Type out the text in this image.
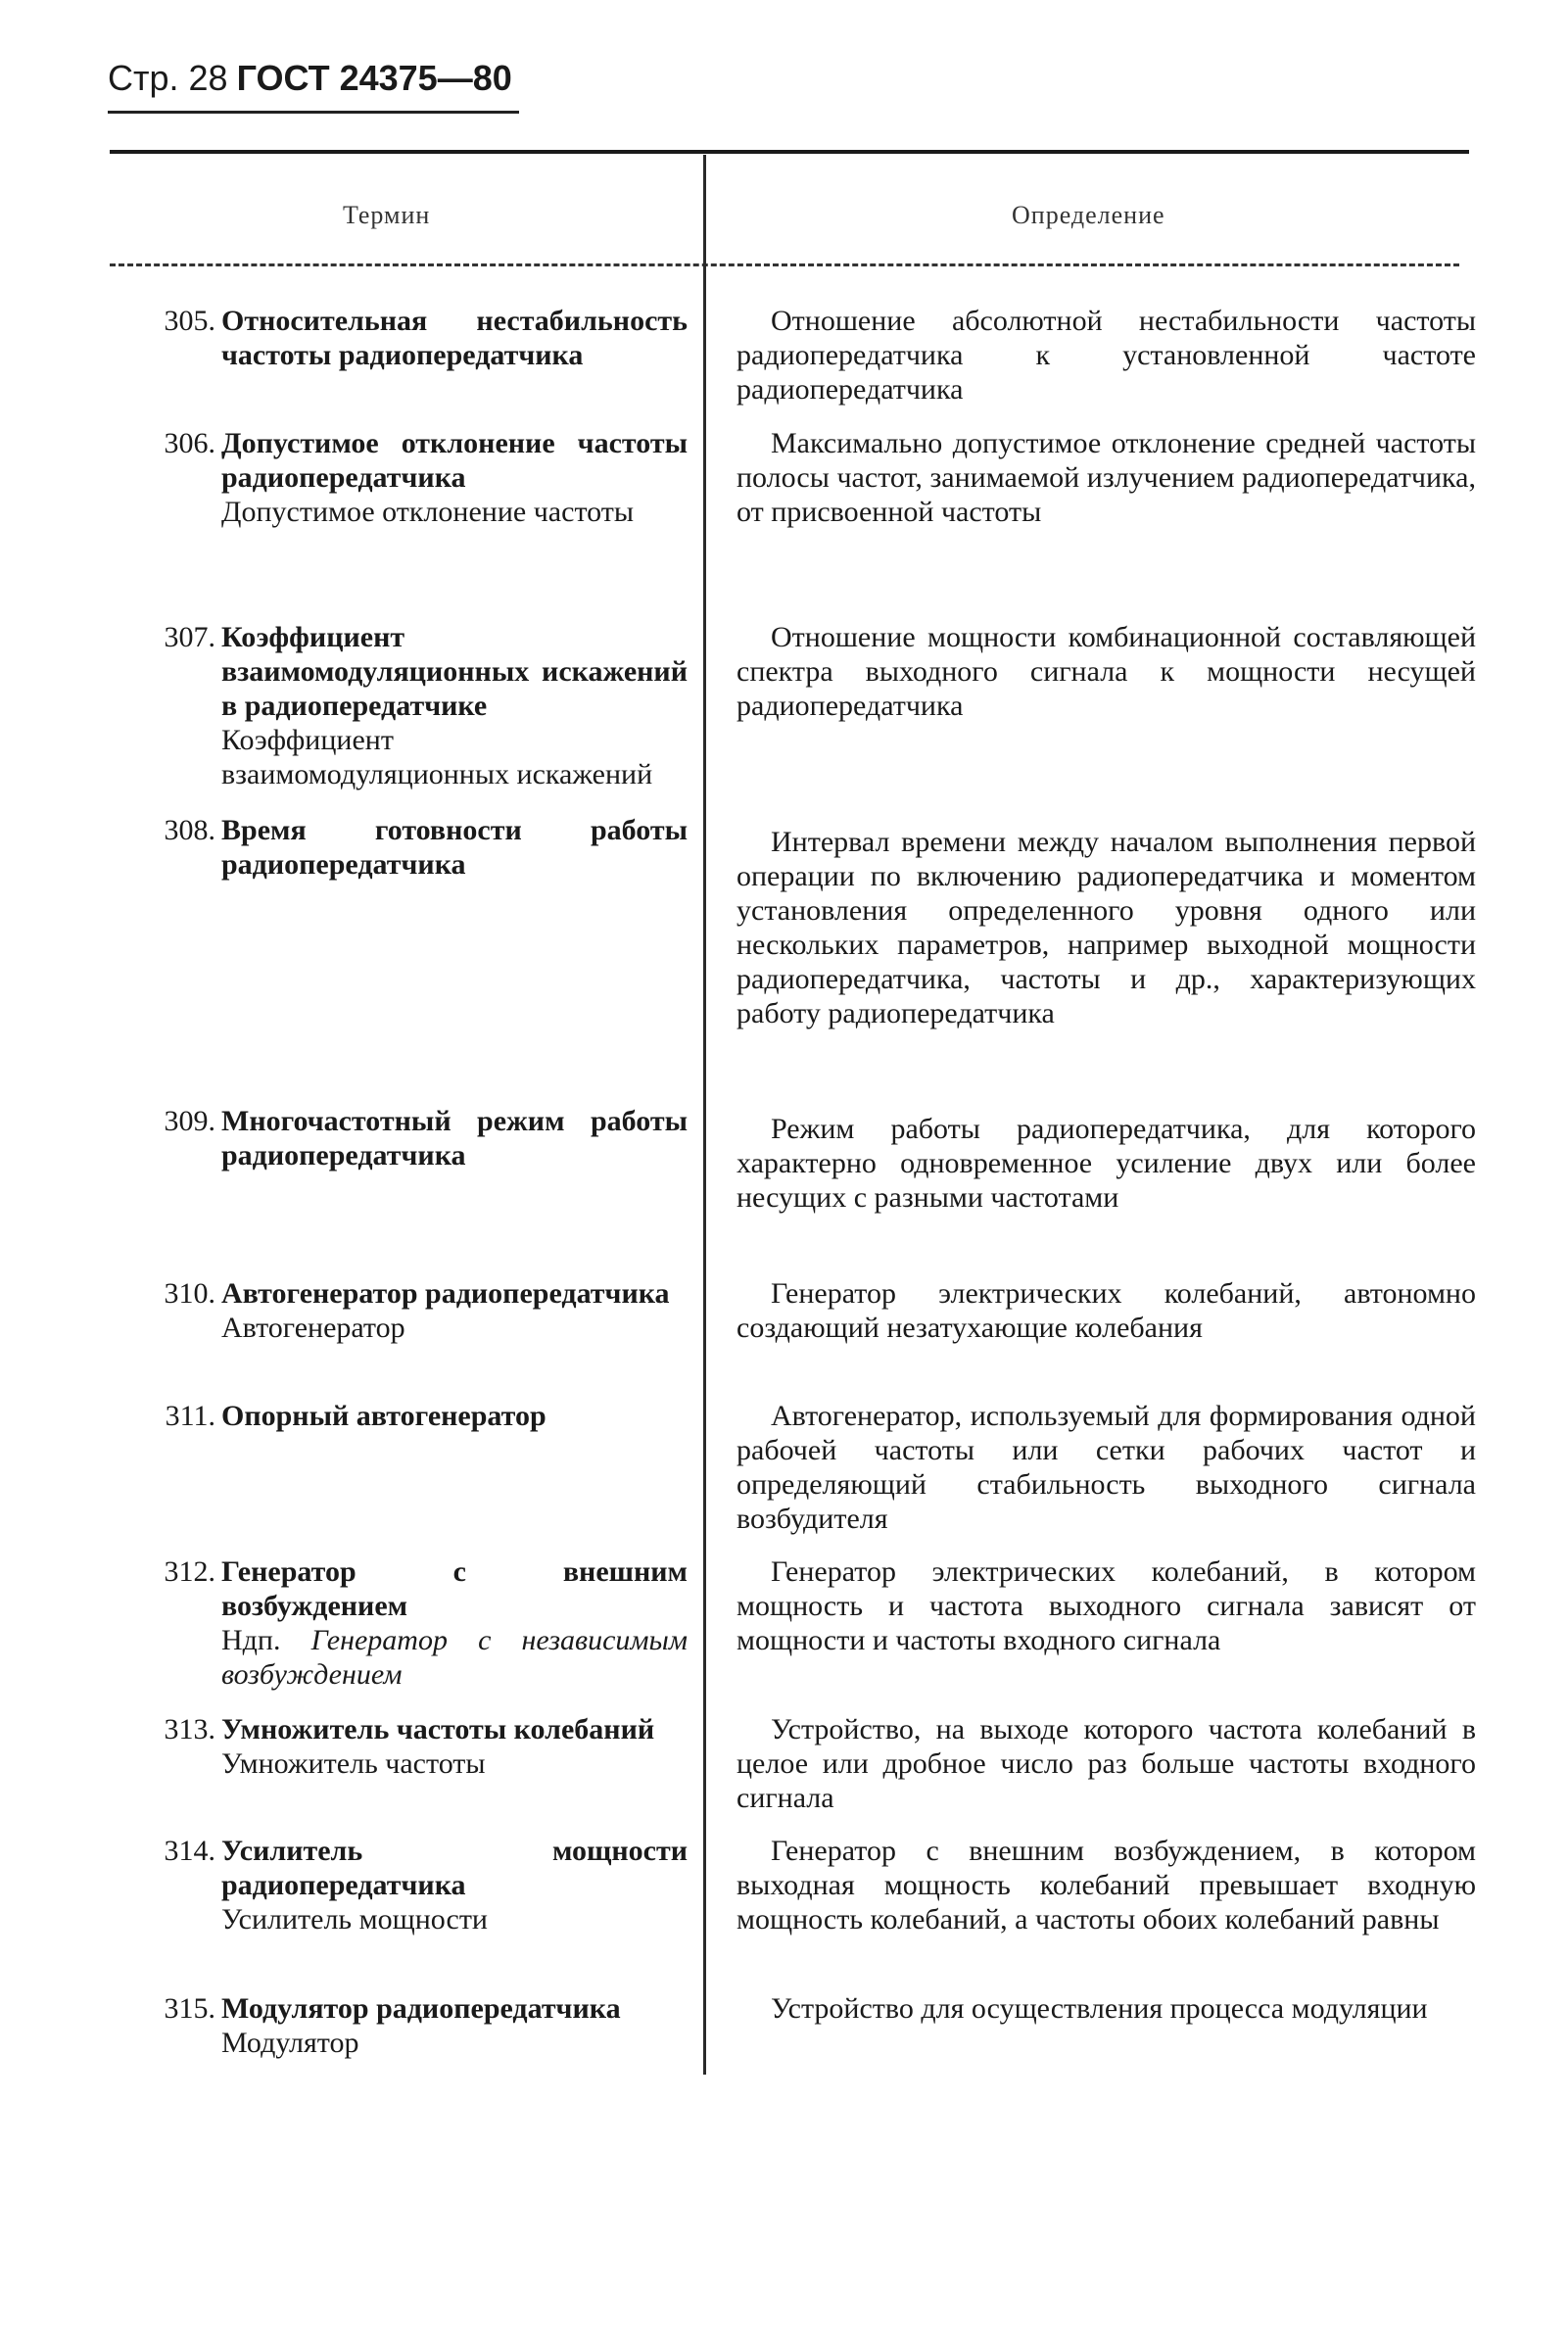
Стр. 28 ГОСТ 24375—80
Термин	Определение
305. Относительная нестабильность частоты радиопередатчика
Отношение абсолютной нестабильности частоты радиопередатчика к установленной частоте радиопередатчика
306. Допустимое отклонение частоты радиопередатчика
Допустимое отклонение частоты
Максимально допустимое отклонение средней частоты полосы частот, занимаемой излучением радиопередатчика, от присвоенной частоты
307. Коэффициент взаимомодуляционных искажений в радиопередатчике
Коэффициент взаимомодуляционных искажений
Отношение мощности комбинационной составляющей спектра выходного сигнала к мощности несущей радиопередатчика
308. Время готовности работы радиопередатчика
Интервал времени между началом выполнения первой операции по включению радиопередатчика и моментом установления определенного уровня одного или нескольких параметров, например выходной мощности радиопередатчика, частоты и др., характеризующих работу радиопередатчика
309. Многочастотный режим работы радиопередатчика
Режим работы радиопередатчика, для которого характерно одновременное усиление двух или более несущих с разными частотами
310. Автогенератор радиопередатчика
Автогенератор
Генератор электрических колебаний, автономно создающий незатухающие колебания
311. Опорный автогенератор	Автогенератор, используемый для формирования одной рабочей частоты или сетки рабочих частот и определяющий стабильность выходного сигнала возбудителя
312. Генератор с внешним возбуждением
Ндп. Генератор с независимым возбуждением
Генератор электрических колебаний, в котором мощность и частота выходного сигнала зависят от мощности и частоты входного сигнала
313. Умножитель частоты колебаний
Умножитель частоты
Устройство, на выходе которого частота колебаний в целое или дробное число раз больше частоты входного сигнала
314. Усилитель мощности радиопередатчика
Усилитель мощности
Генератор с внешним возбуждением, в котором выходная мощность колебаний превышает входную мощность колебаний, а частоты обоих колебаний равны
315. Модулятор радиопередатчика
Модулятор
Устройство для осуществления процесса модуляции
